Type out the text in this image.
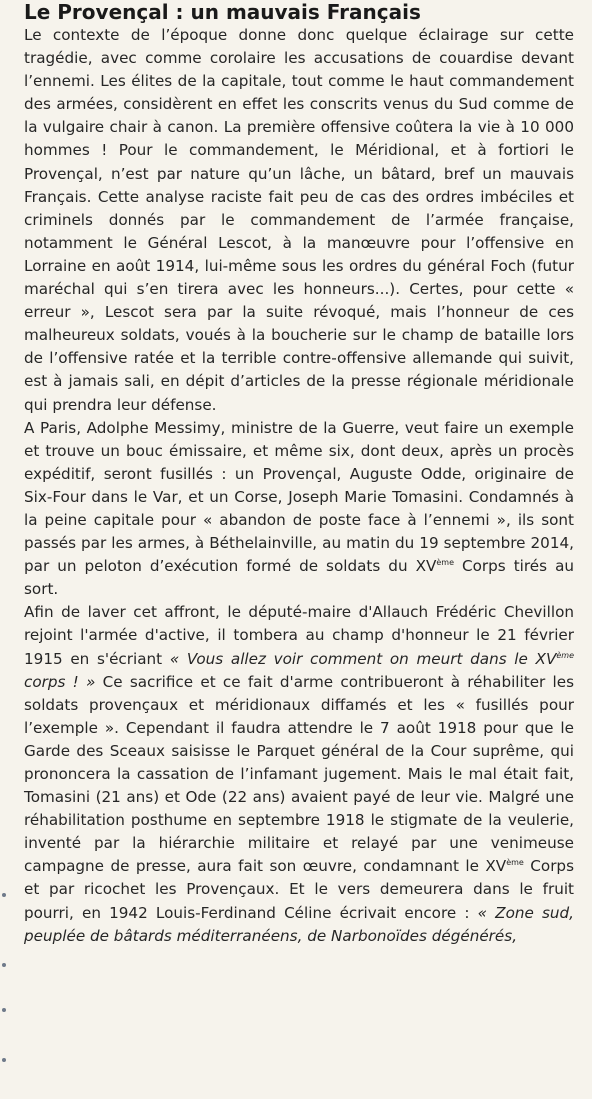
Le Provençal : un mauvais Français

Le contexte de l’époque donne donc quelque éclairage sur cette tragédie, avec comme corolaire les accusations de couardise devant l’ennemi. Les élites de la capitale, tout comme le haut commandement des armées, considèrent en effet les conscrits venus du Sud comme de la vulgaire chair à canon. La première offensive coûtera la vie à 10 000 hommes ! Pour le commandement, le Méridional, et à fortiori le Provençal, n’est par nature qu’un lâche, un bâtard, bref un mauvais Français. Cette analyse raciste fait peu de cas des ordres imbéciles et criminels donnés par le commandement de l’armée française, notamment le Général Lescot, à la manœuvre pour l’offensive en Lorraine en août 1914, lui-même sous les ordres du général Foch (futur maréchal qui s’en tirera avec les honneurs...). Certes, pour cette « erreur », Lescot sera par la suite révoqué, mais l’honneur de ces malheureux soldats, voués à la boucherie sur le champ de bataille lors de l’offensive ratée et la terrible contre-offensive allemande qui suivit, est à jamais sali, en dépit d’articles de la presse régionale méridionale qui prendra leur défense.

A Paris, Adolphe Messimy, ministre de la Guerre, veut faire un exemple et trouve un bouc émissaire, et même six, dont deux, après un procès expéditif, seront fusillés : un Provençal, Auguste Odde, originaire de Six-Four dans le Var, et un Corse, Joseph Marie Tomasini. Condamnés à la peine capitale pour « abandon de poste face à l’ennemi », ils sont passés par les armes, à Béthelainville, au matin du 19 septembre 2014, par un peloton d’exécution formé de soldats du XVème Corps tirés au sort.

Afin de laver cet affront, le député-maire d'Allauch Frédéric Chevillon rejoint l'armée d'active, il tombera au champ d'honneur le 21 février 1915 en s'écriant « Vous allez voir comment on meurt dans le XVème corps ! » Ce sacrifice et ce fait d'arme contribueront à réhabiliter les soldats provençaux et méridionaux diffamés et les « fusillés pour l’exemple ». Cependant il faudra attendre le 7 août 1918 pour que le Garde des Sceaux saisisse le Parquet général de la Cour suprême, qui prononcera la cassation de l’infamant jugement. Mais le mal était fait, Tomasini (21 ans) et Ode (22 ans) avaient payé de leur vie. Malgré une réhabilitation posthume en septembre 1918 le stigmate de la veulerie, inventé par la hiérarchie militaire et relayé par une venimeuse campagne de presse, aura fait son œuvre, condamnant le XVème Corps et par ricochet les Provençaux. Et le vers demeurera dans le fruit pourri, en 1942 Louis-Ferdinand Céline écrivait encore : « Zone sud, peuplée de bâtards méditerranéens, de Narbonoïdes dégénérés,
